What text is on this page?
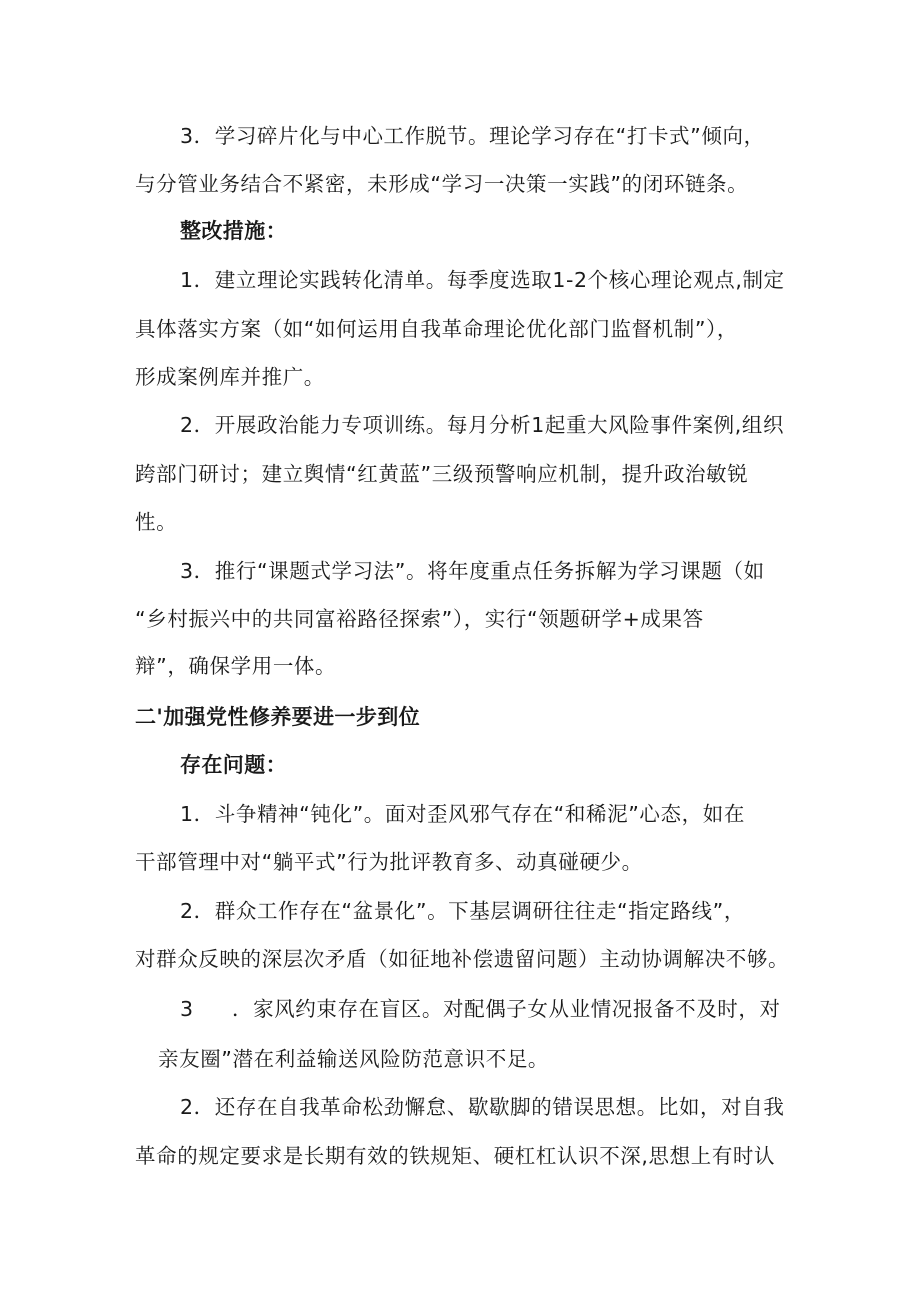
3．学习碎片化与中心工作脱节。理论学习存在“打卡式”倾向，
与分管业务结合不紧密，未形成“学习一决策一实践”的闭环链条。
整改措施：
1．建立理论实践转化清单。每季度选取1-2个核心理论观点,制定
具体落实方案（如“如何运用自我革命理论优化部门监督机制”），
形成案例库并推广。
2．开展政治能力专项训练。每月分析1起重大风险事件案例,组织
跨部门研讨；建立舆情“红黄蓝”三级预警响应机制，提升政治敏锐
性。
3．推行“课题式学习法”。将年度重点任务拆解为学习课题（如
“乡村振兴中的共同富裕路径探索”），实行“领题研学+成果答
辩”，确保学用一体。
二'加强党性修养要进一步到位
存在问题：
1．斗争精神“钝化”。面对歪风邪气存在“和稀泥”心态，如在
干部管理中对“躺平式”行为批评教育多、动真碰硬少。
2．群众工作存在“盆景化”。下基层调研往往走“指定路线”，
对群众反映的深层次矛盾（如征地补偿遗留问题）主动协调解决不够。
3 ．家风约束存在盲区。对配偶子女从业情况报备不及时，对
亲友圈”潜在利益输送风险防范意识不足。
2．还存在自我革命松劲懈怠、歇歇脚的错误思想。比如，对自我
革命的规定要求是长期有效的铁规矩、硬杠杠认识不深,思想上有时认
